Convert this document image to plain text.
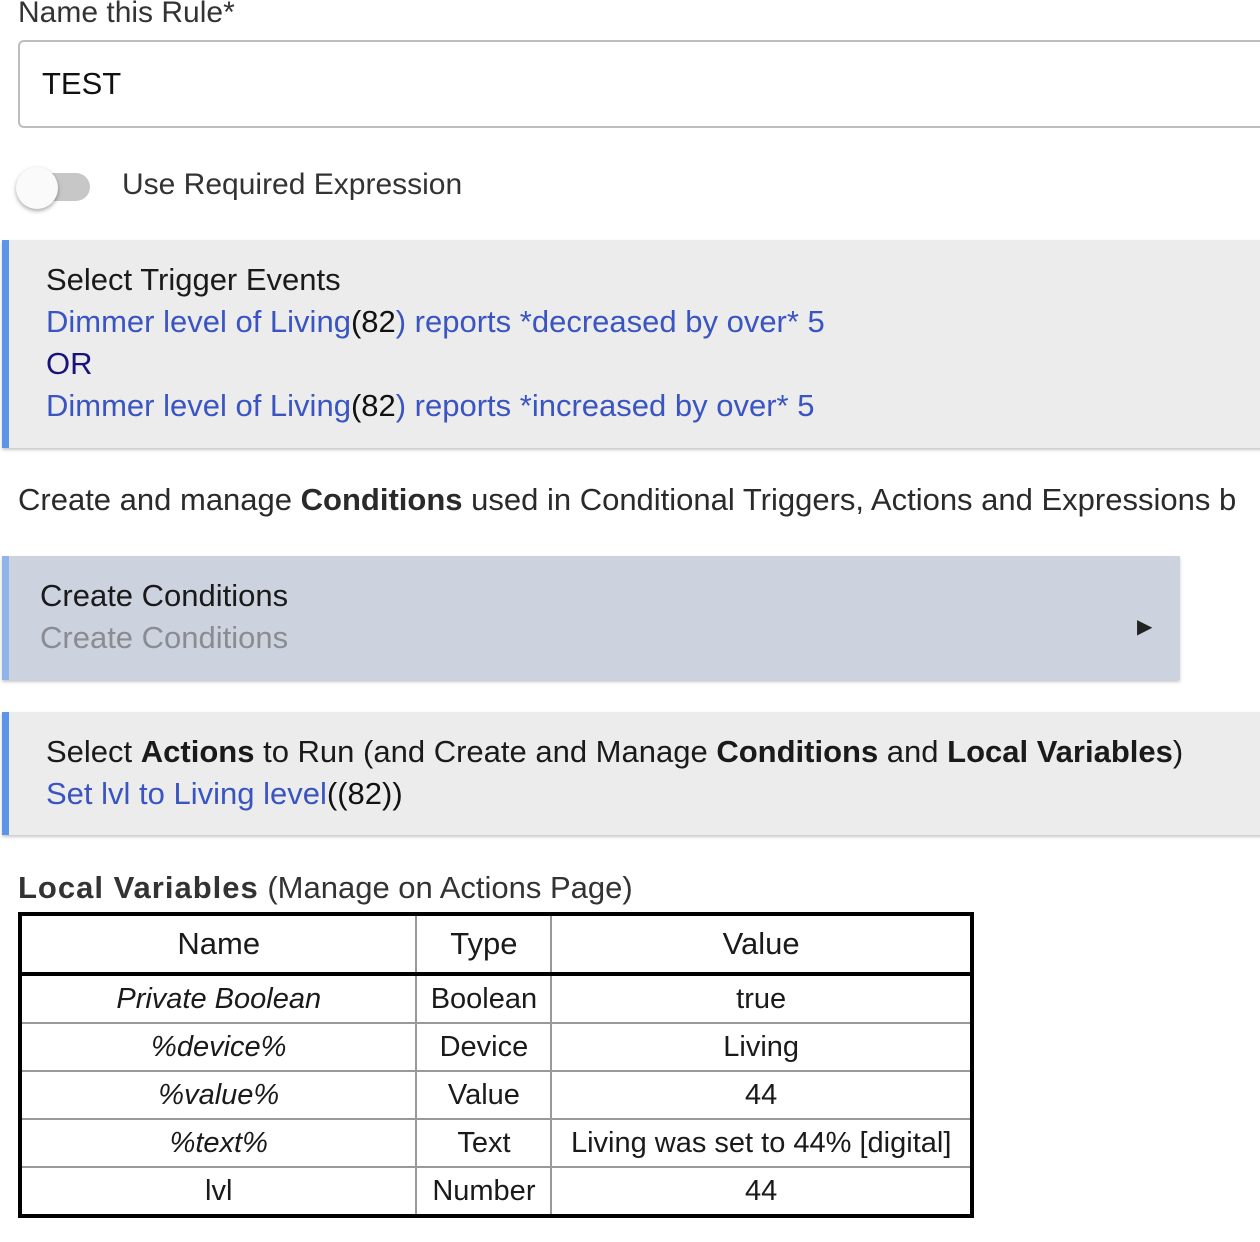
Name this Rule*
TEST
Use Required Expression
Select Trigger Events
Dimmer level of Living(82) reports *decreased by over* 5
OR
Dimmer level of Living(82) reports *increased by over* 5
Create and manage Conditions used in Conditional Triggers, Actions and Expressions b
Create Conditions
Create Conditions	▶
Select Actions to Run (and Create and Manage Conditions and Local Variables)
Set lvl to Living level((82))
Local Variables (Manage on Actions Page)
Name	Type	Value
Private Boolean	Boolean	true
%device%	Device	Living
%value%	Value	44
%text%	Text	Living was set to 44% [digital]
lvl	Number	44
